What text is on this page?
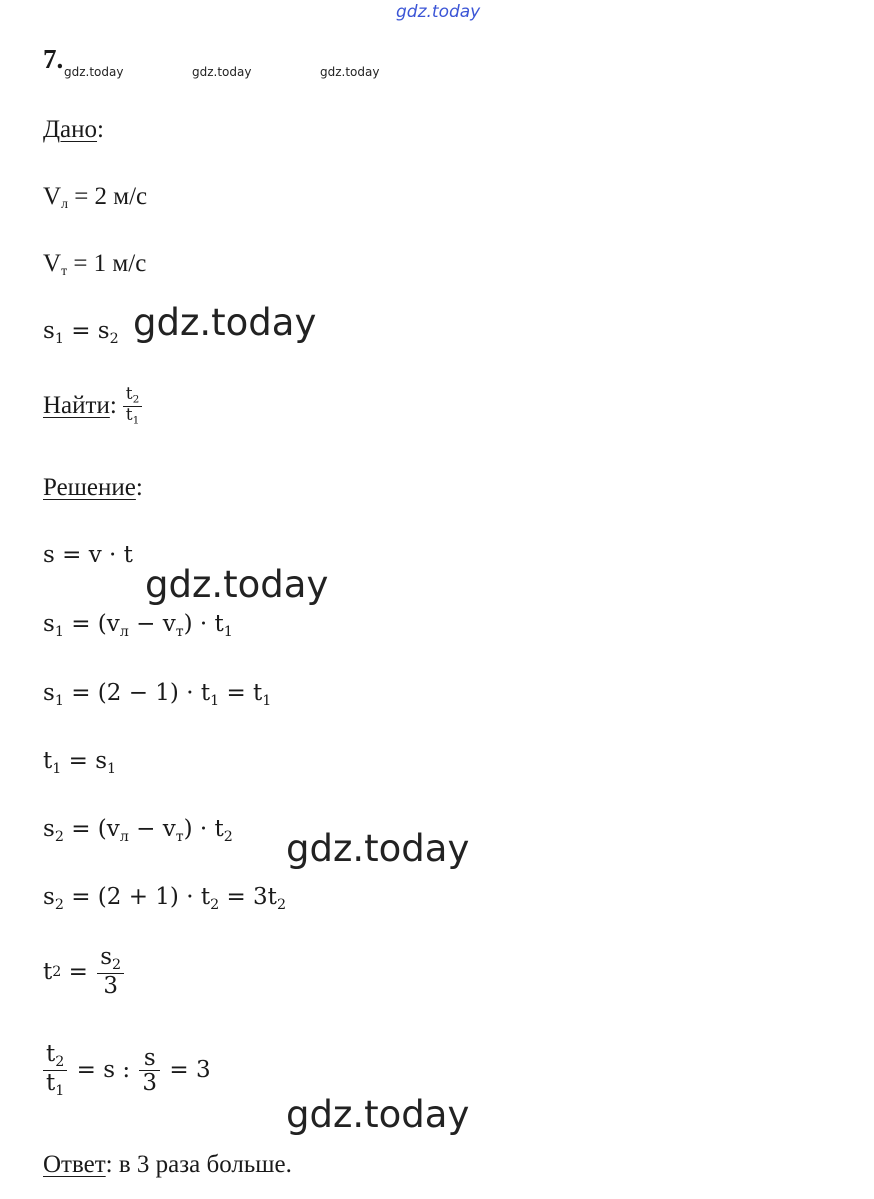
gdz.today
gdz.today	gdz.today	gdz.today
gdz.today
gdz.today
gdz.today
gdz.today
7.
Дано:
Vл = 2 м/с
Vт = 1 м/с
$s_1 = s_2$
Найти : $\frac{t_2}{t_1}$
Решение:
s = v · t
$s_1 = (v_л - v_т) \cdot t_1$
$s_1 = (2 - 1) \cdot t_1 = t_1$
$t_1 = s_1$
$s_2 = (v_л - v_т) \cdot t_2$
$s_2 = (2 + 1) \cdot t_2 = 3t_2$
t $2 = \frac{s_2}{3}$
$\frac{t_2}{t_1} = s$ : $\frac{s}{3} = 3$
Ответ: в 3 раза больше.
